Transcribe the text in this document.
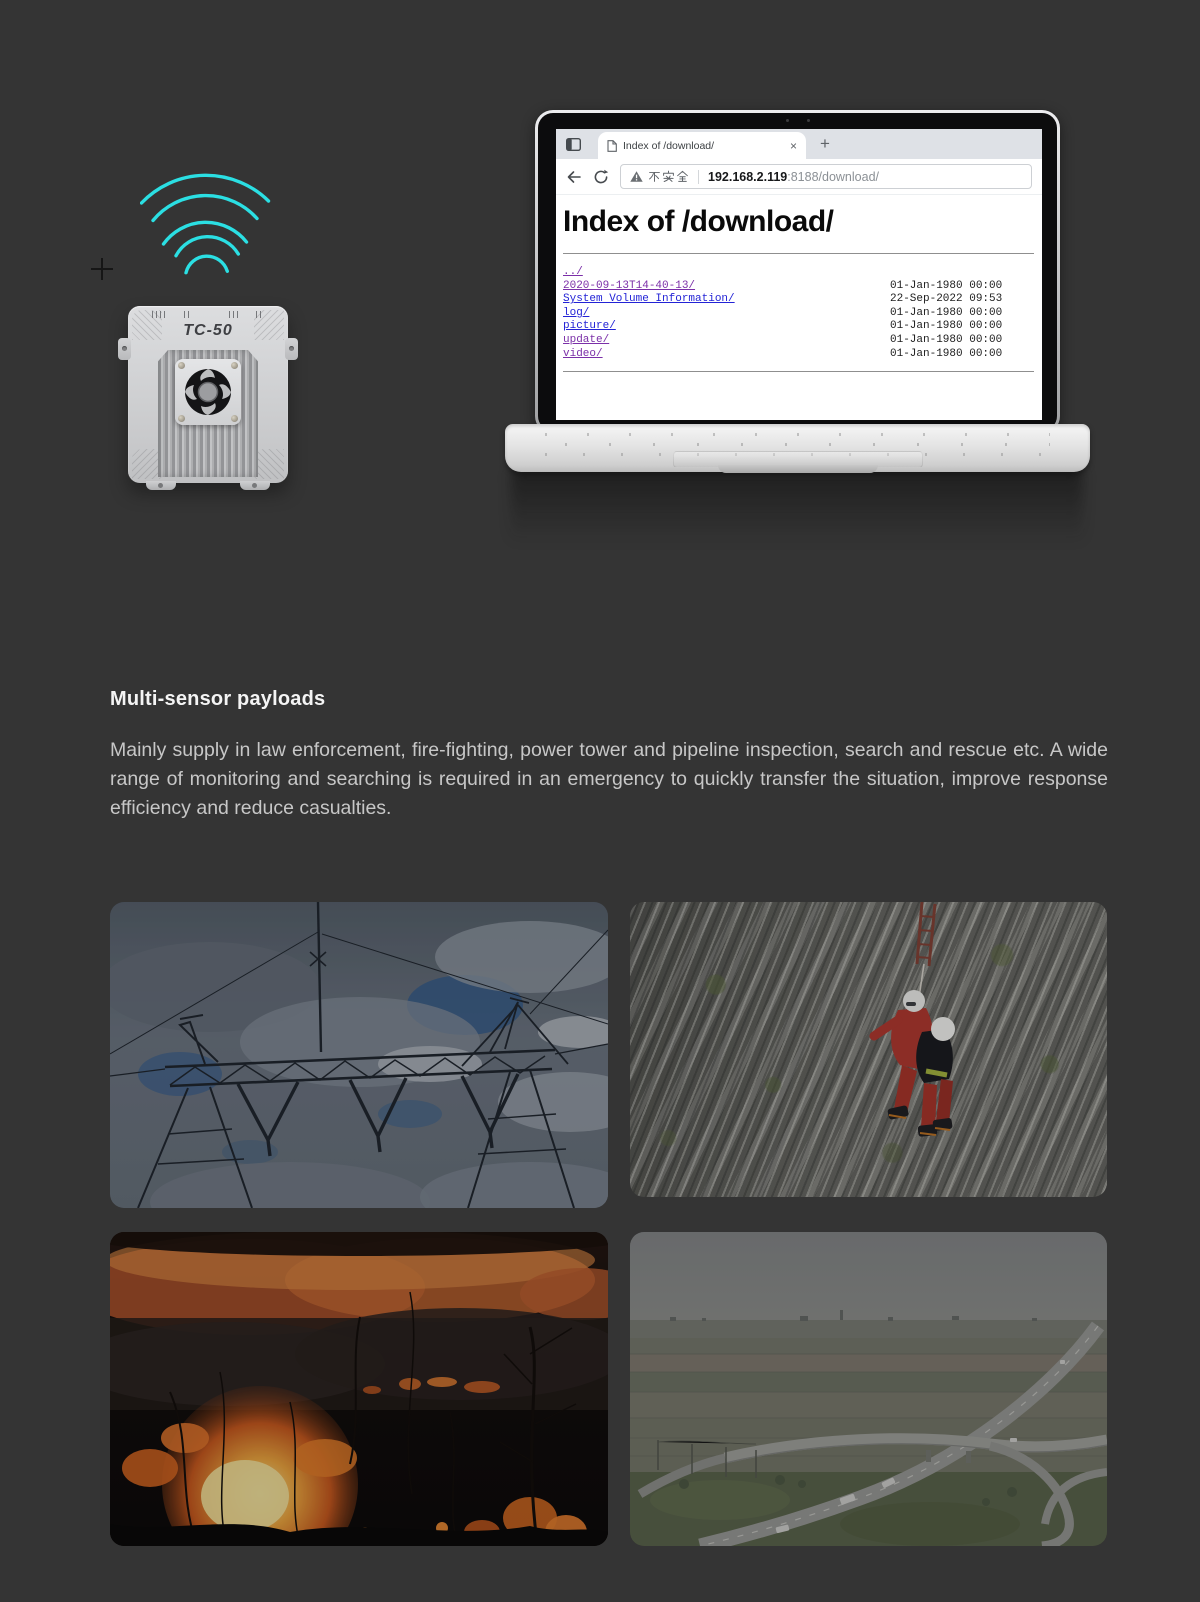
TC-50
Index of /download/	× +
192.168.2.119:8188/download/
Index of /download/
../
2020-09-13T14-40-13/	01-Jan-1980 00:00
System Volume Information/	22-Sep-2022 09:53
log/	01-Jan-1980 00:00
picture/	01-Jan-1980 00:00
update/	01-Jan-1980 00:00
video/	01-Jan-1980 00:00
Multi-sensor payloads

Mainly supply in law enforcement, fire-fighting, power tower and pipeline inspection, search and rescue etc. A wide range of monitoring and searching is required in an emergency to quickly transfer the situation, improve response efficiency and reduce casualties.
